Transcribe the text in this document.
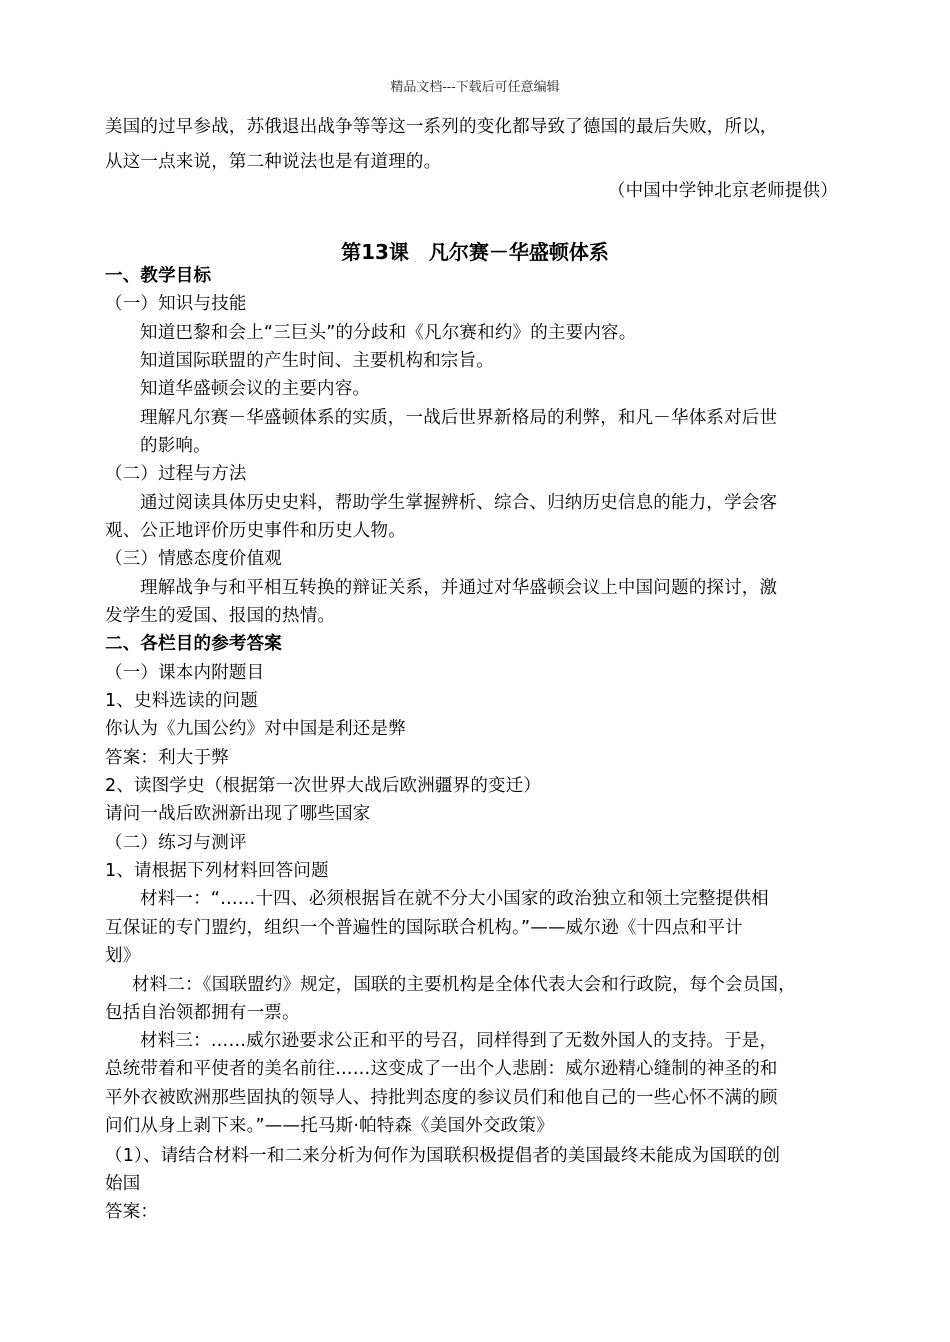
精品文档---下载后可任意编辑
美国的过早参战，苏俄退出战争等等这一系列的变化都导致了德国的最后失败，所以，
从这一点来说，第二种说法也是有道理的。
（中国中学钟北京老师提供）
第13课　凡尔赛－华盛顿体系
一、教学目标
（一）知识与技能
知道巴黎和会上“三巨头”的分歧和《凡尔赛和约》的主要内容。
知道国际联盟的产生时间、主要机构和宗旨。
知道华盛顿会议的主要内容。
理解凡尔赛－华盛顿体系的实质，一战后世界新格局的利弊，和凡－华体系对后世
的影响。
（二）过程与方法
通过阅读具体历史史料，帮助学生掌握辨析、综合、归纳历史信息的能力，学会客
观、公正地评价历史事件和历史人物。
（三）情感态度价值观
理解战争与和平相互转换的辩证关系，并通过对华盛顿会议上中国问题的探讨，激
发学生的爱国、报国的热情。
二、各栏目的参考答案
（一）课本内附题目
1、史料选读的问题
你认为《九国公约》对中国是利还是弊
答案：利大于弊
2、读图学史（根据第一次世界大战后欧洲疆界的变迁）
请问一战后欧洲新出现了哪些国家
（二）练习与测评
1、请根据下列材料回答问题
材料一：“……十四、必须根据旨在就不分大小国家的政治独立和领土完整提供相
互保证的专门盟约，组织一个普遍性的国际联合机构。”——威尔逊《十四点和平计
划》
材料二：《国联盟约》规定，国联的主要机构是全体代表大会和行政院，每个会员国，
包括自治领都拥有一票。
材料三：……威尔逊要求公正和平的号召，同样得到了无数外国人的支持。于是，
总统带着和平使者的美名前往……这变成了一出个人悲剧：威尔逊精心缝制的神圣的和
平外衣被欧洲那些固执的领导人、持批判态度的参议员们和他自己的一些心怀不满的顾
问们从身上剥下来。”——托马斯·帕特森《美国外交政策》
（1）、请结合材料一和二来分析为何作为国联积极提倡者的美国最终未能成为国联的创
始国
答案：
